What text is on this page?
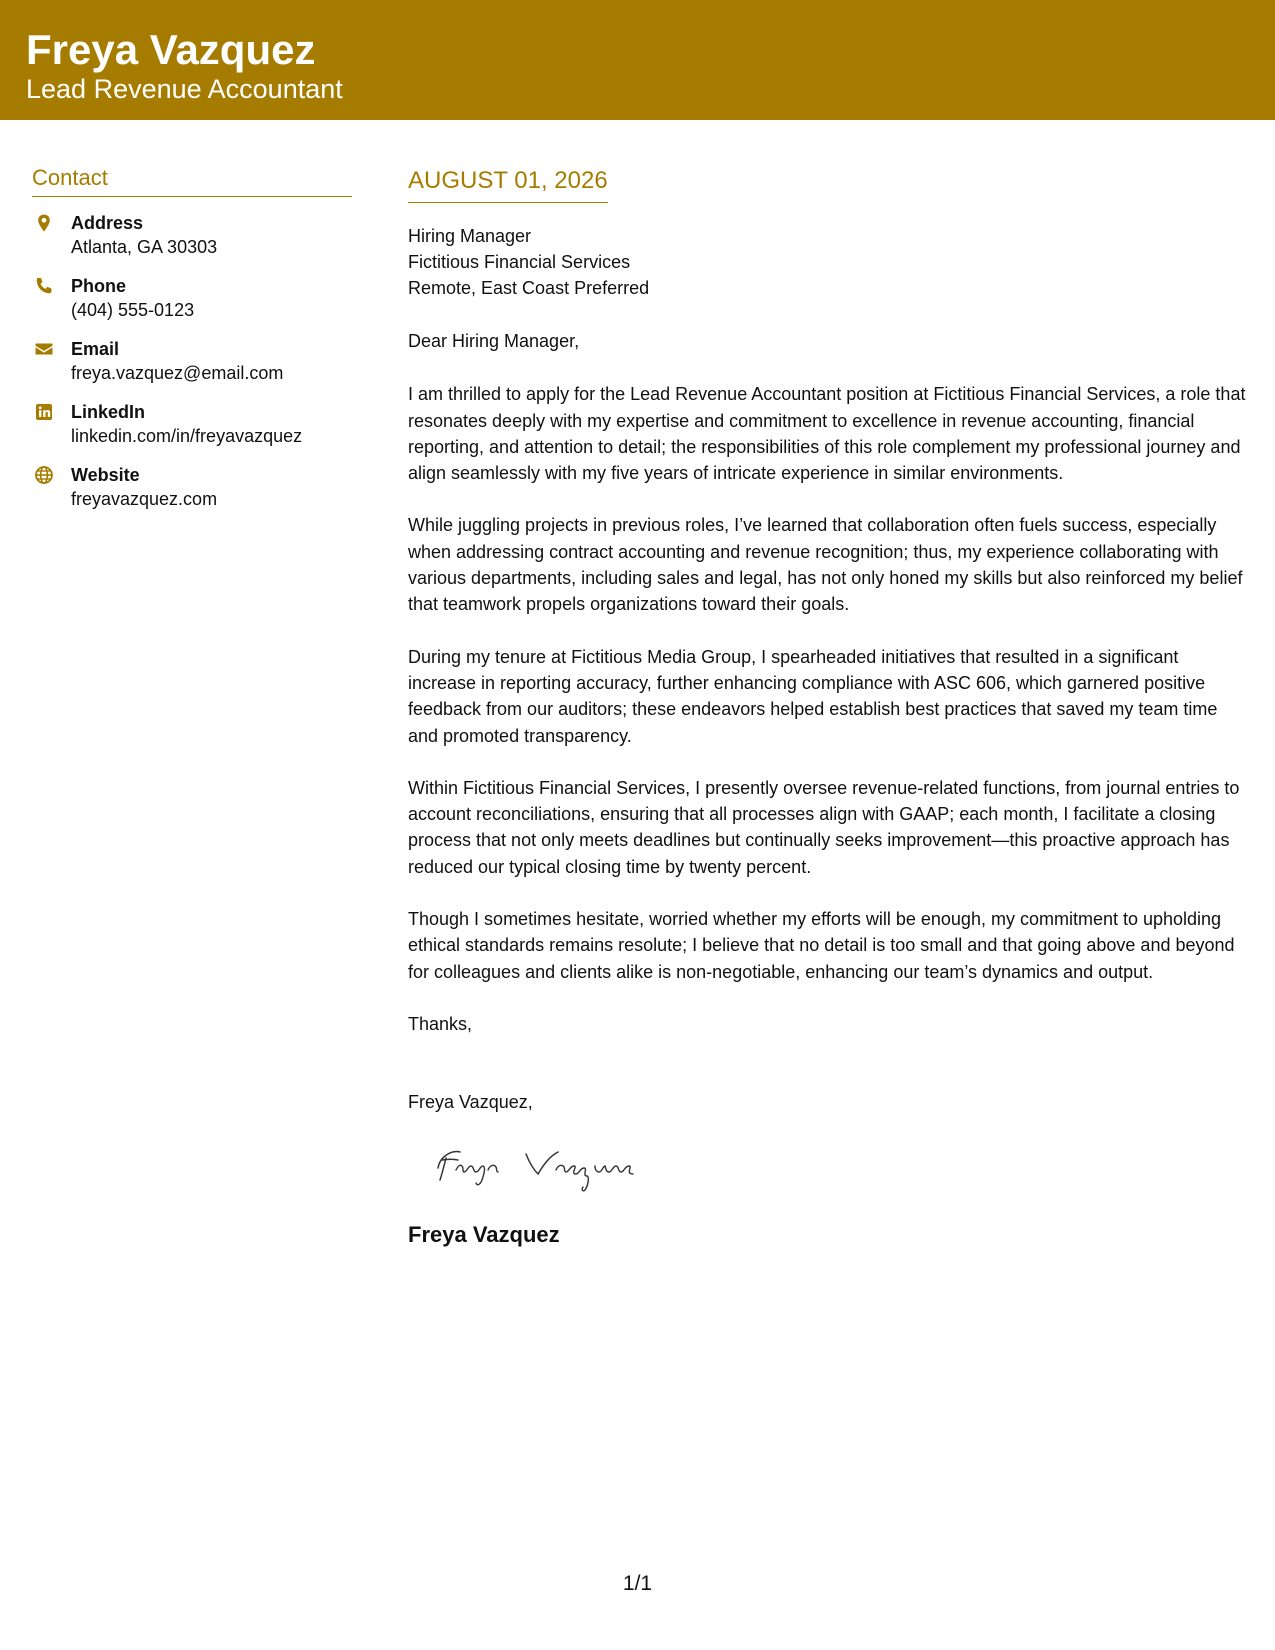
Freya Vazquez
Lead Revenue Accountant
Contact
Address
Atlanta, GA 30303
Phone
(404) 555-0123
Email
freya.vazquez@email.com
LinkedIn
linkedin.com/in/freyavazquez
Website
freyavazquez.com
AUGUST 01, 2026
Hiring Manager
Fictitious Financial Services
Remote, East Coast Preferred
Dear Hiring Manager,

I am thrilled to apply for the Lead Revenue Accountant position at Fictitious Financial Services, a role that resonates deeply with my expertise and commitment to excellence in revenue accounting, financial reporting, and attention to detail; the responsibilities of this role complement my professional journey and align seamlessly with my five years of intricate experience in similar environments.

While juggling projects in previous roles, I’ve learned that collaboration often fuels success, especially when addressing contract accounting and revenue recognition; thus, my experience collaborating with various departments, including sales and legal, has not only honed my skills but also reinforced my belief that teamwork propels organizations toward their goals.

During my tenure at Fictitious Media Group, I spearheaded initiatives that resulted in a significant increase in reporting accuracy, further enhancing compliance with ASC 606, which garnered positive feedback from our auditors; these endeavors helped establish best practices that saved my team time and promoted transparency.

Within Fictitious Financial Services, I presently oversee revenue-related functions, from journal entries to account reconciliations, ensuring that all processes align with GAAP; each month, I facilitate a closing process that not only meets deadlines but continually seeks improvement—this proactive approach has reduced our typical closing time by twenty percent.

Though I sometimes hesitate, worried whether my efforts will be enough, my commitment to upholding ethical standards remains resolute; I believe that no detail is too small and that going above and beyond for colleagues and clients alike is non-negotiable, enhancing our team’s dynamics and output.

Thanks,
Freya Vazquez,
Freya Vazquez
1/1
